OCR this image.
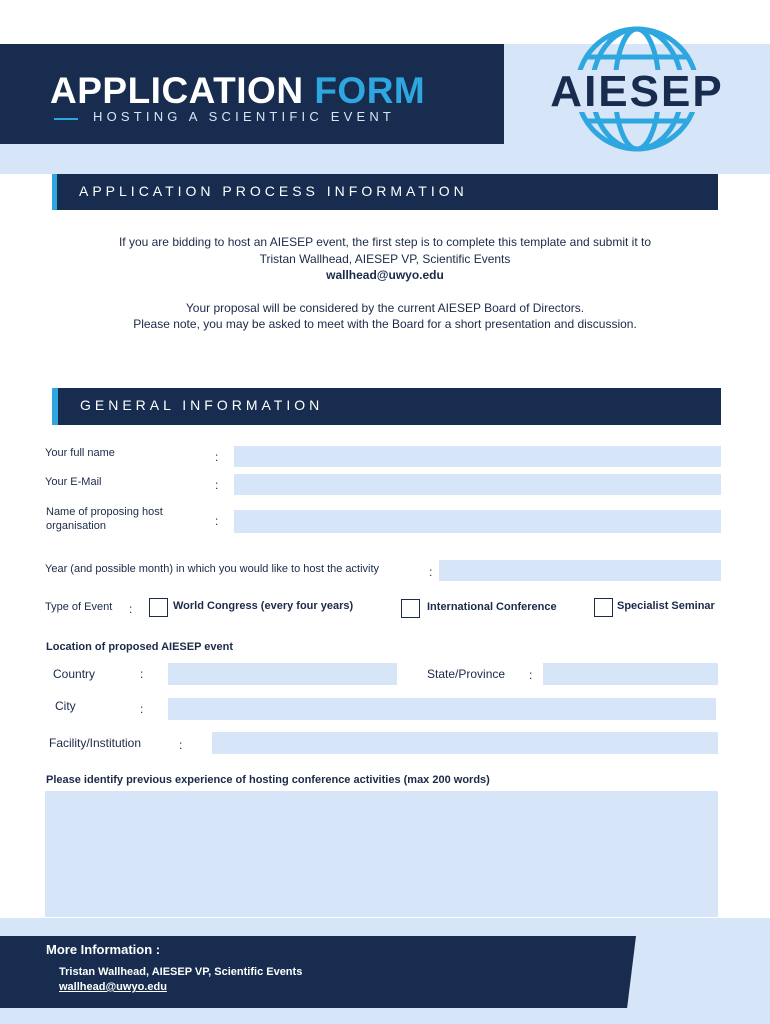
APPLICATION FORM
HOSTING A SCIENTIFIC EVENT
AIESEP
APPLICATION PROCESS INFORMATION
If you are bidding to host an AIESEP event, the first step is to complete this template and submit it to
Tristan Wallhead, AIESEP VP, Scientific Events
wallhead@uwyo.edu
Your proposal will be considered by the current AIESEP Board of Directors.
Please note, you may be asked to meet with the Board for a short presentation and discussion.
GENERAL INFORMATION
Your full name	:
Your E-Mail	:
Name of proposing host
organisation	:
Year (and possible month) in which you would like to host the activity	:
Type of Event :	World Congress (every four years)	International Conference	Specialist Seminar
Location of proposed AIESEP event
Country	:	State/Province :
City	:
Facility/Institution	:
Please identify previous experience of hosting conference activities (max 200 words)
More Information :
Tristan Wallhead, AIESEP VP, Scientific Events
wallhead@uwyo.edu
